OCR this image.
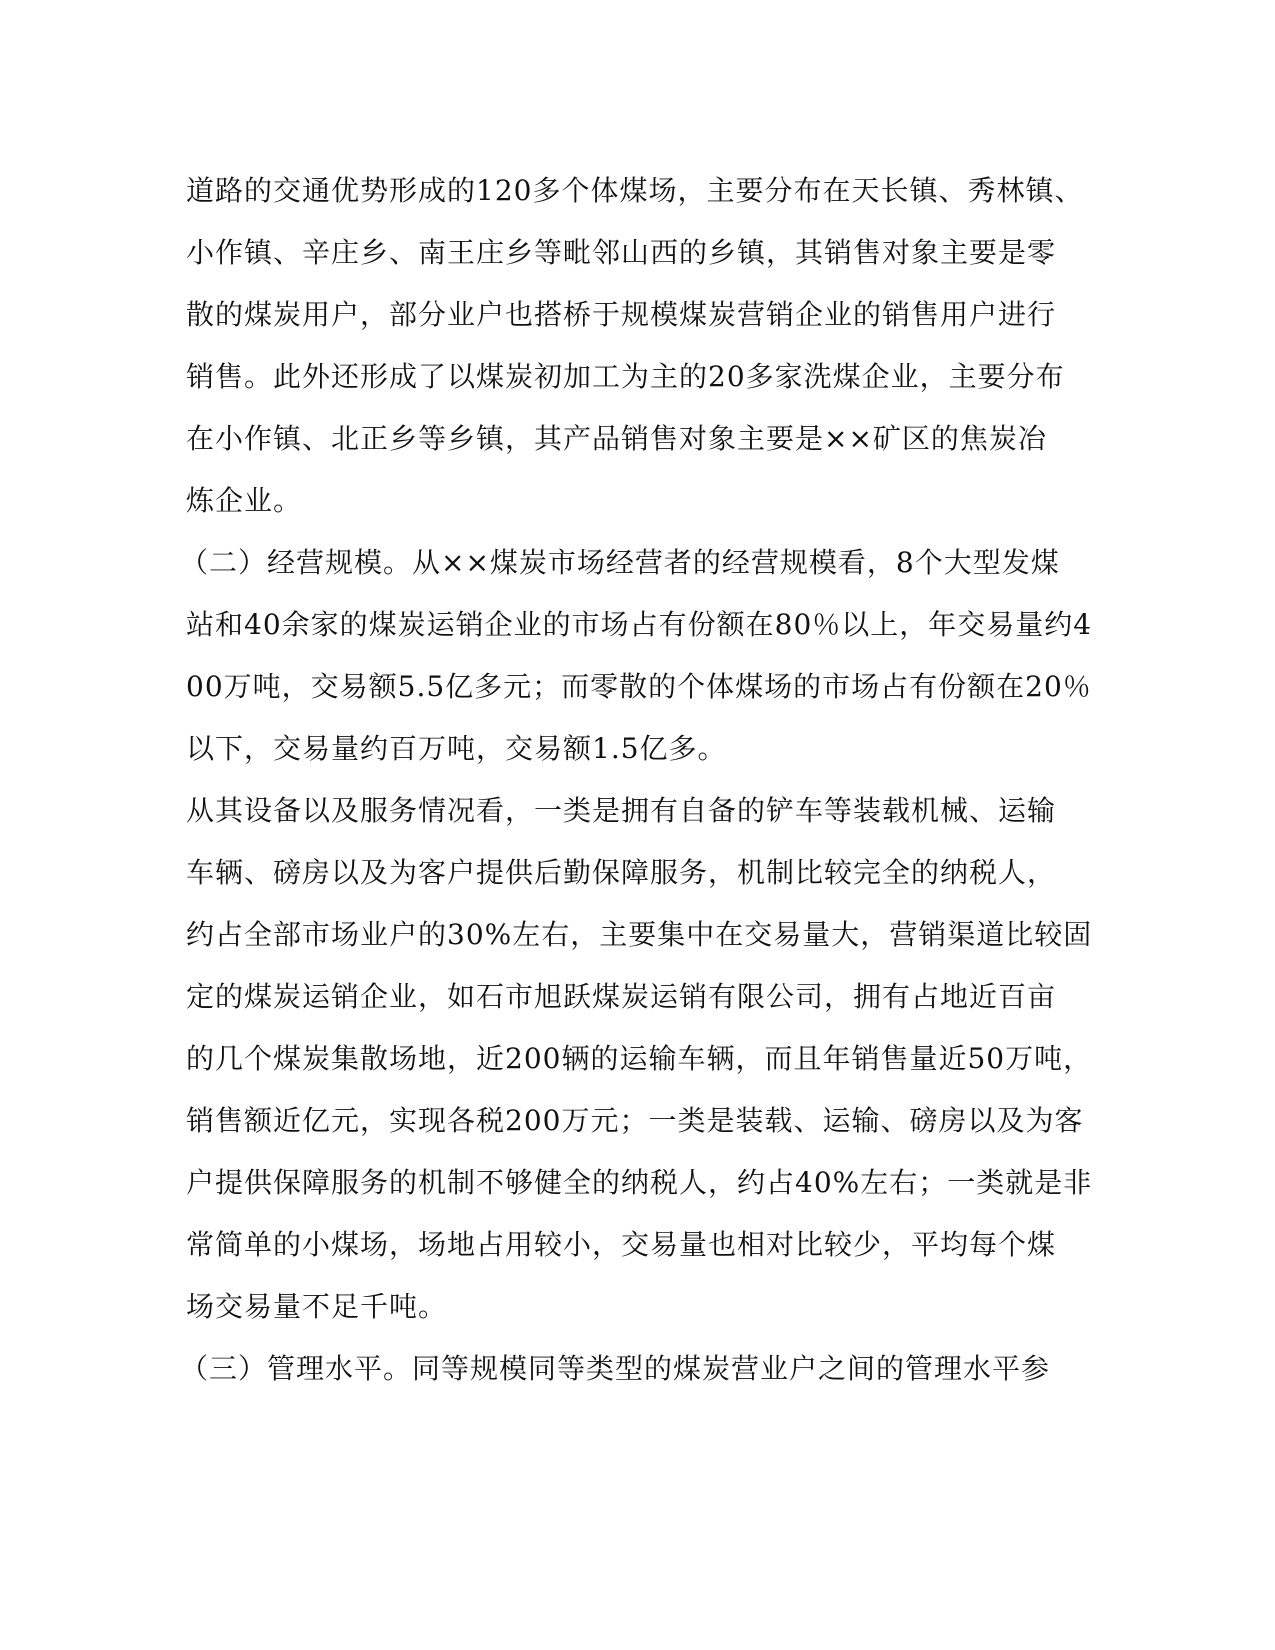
道路的交通优势形成的120多个体煤场，主要分布在天长镇、秀林镇、
小作镇、辛庄乡、南王庄乡等毗邻山西的乡镇，其销售对象主要是零
散的煤炭用户，部分业户也搭桥于规模煤炭营销企业的销售用户进行
销售。此外还形成了以煤炭初加工为主的20多家洗煤企业，主要分布
在小作镇、北正乡等乡镇，其产品销售对象主要是××矿区的焦炭冶
炼企业。
（二）经营规模。从××煤炭市场经营者的经营规模看，8个大型发煤
站和40余家的煤炭运销企业的市场占有份额在80％以上，年交易量约4
00万吨，交易额5.5亿多元；而零散的个体煤场的市场占有份额在20％
以下，交易量约百万吨，交易额1.5亿多。
从其设备以及服务情况看，一类是拥有自备的铲车等装载机械、运输
车辆、磅房以及为客户提供后勤保障服务，机制比较完全的纳税人，
约占全部市场业户的30%左右，主要集中在交易量大，营销渠道比较固
定的煤炭运销企业，如石市旭跃煤炭运销有限公司，拥有占地近百亩
的几个煤炭集散场地，近200辆的运输车辆，而且年销售量近50万吨，
销售额近亿元，实现各税200万元；一类是装载、运输、磅房以及为客
户提供保障服务的机制不够健全的纳税人，约占40%左右；一类就是非
常简单的小煤场，场地占用较小，交易量也相对比较少，平均每个煤
场交易量不足千吨。
（三）管理水平。同等规模同等类型的煤炭营业户之间的管理水平参
